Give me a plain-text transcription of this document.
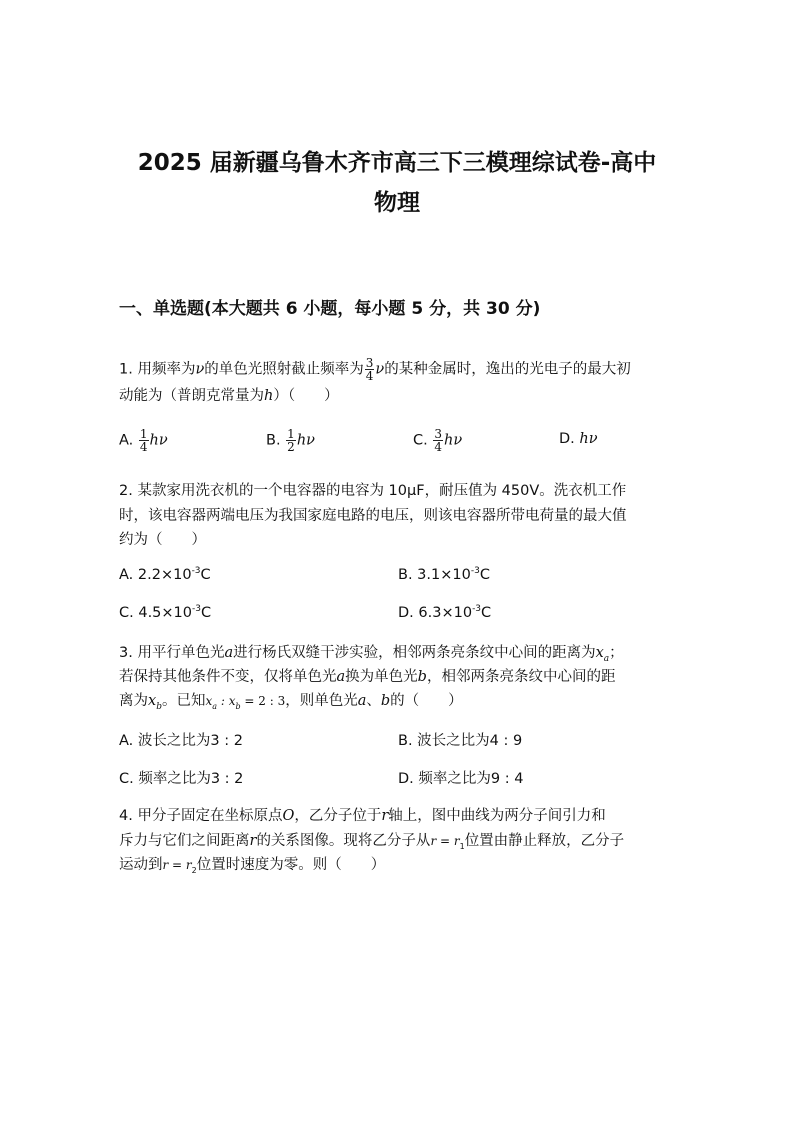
2025 届新疆乌鲁木齐市高三下三模理综试卷-高中
物理
一、单选题(本大题共 6 小题，每小题 5 分，共 30 分)
1. 用频率为ν的单色光照射截止频率为 $\frac{3}{4}$ ν的某种金属时，逸出的光电子的最大初
动能为（普朗克常量为h）（　　）
A. $\frac{1}{4}$ hν	B. $\frac{1}{2}$ hν	C. $\frac{3}{4}$ hν	D. hν
2. 某款家用洗衣机的一个电容器的电容为 10μF，耐压值为 450V。洗衣机工作
时，该电容器两端电压为我国家庭电路的电压，则该电容器所带电荷量的最大值
约为（　　）
A. $2.2\times 10^{-3}C$	B. $3.1\times 10^{-3}C$
C. $4.5\times 10^{-3}C$	D. $6.3\times 10^{-3}C$
3. 用平行单色光a进行杨氏双缝干涉实验，相邻两条亮条纹中心间的距离为$x_a$；
若保持其他条件不变，仅将单色光a换为单色光b，相邻两条亮条纹中心间的距
离为$x_b$。已知$x_a$ : $x_b = 2$ : 3，则单色光a、b的（　　）
A. 波长之比为3 : 2	B. 波长之比为4 : 9
C. 频率之比为3 : 2	D. 频率之比为9 : 4
4. 甲分子固定在坐标原点O，乙分子位于r轴上，图中曲线为两分子间引力和
斥力与它们之间距离r的关系图像。现将乙分子从$r = r_1$位置由静止释放，乙分子
运动到$r = r_2$位置时速度为零。则（　　）
